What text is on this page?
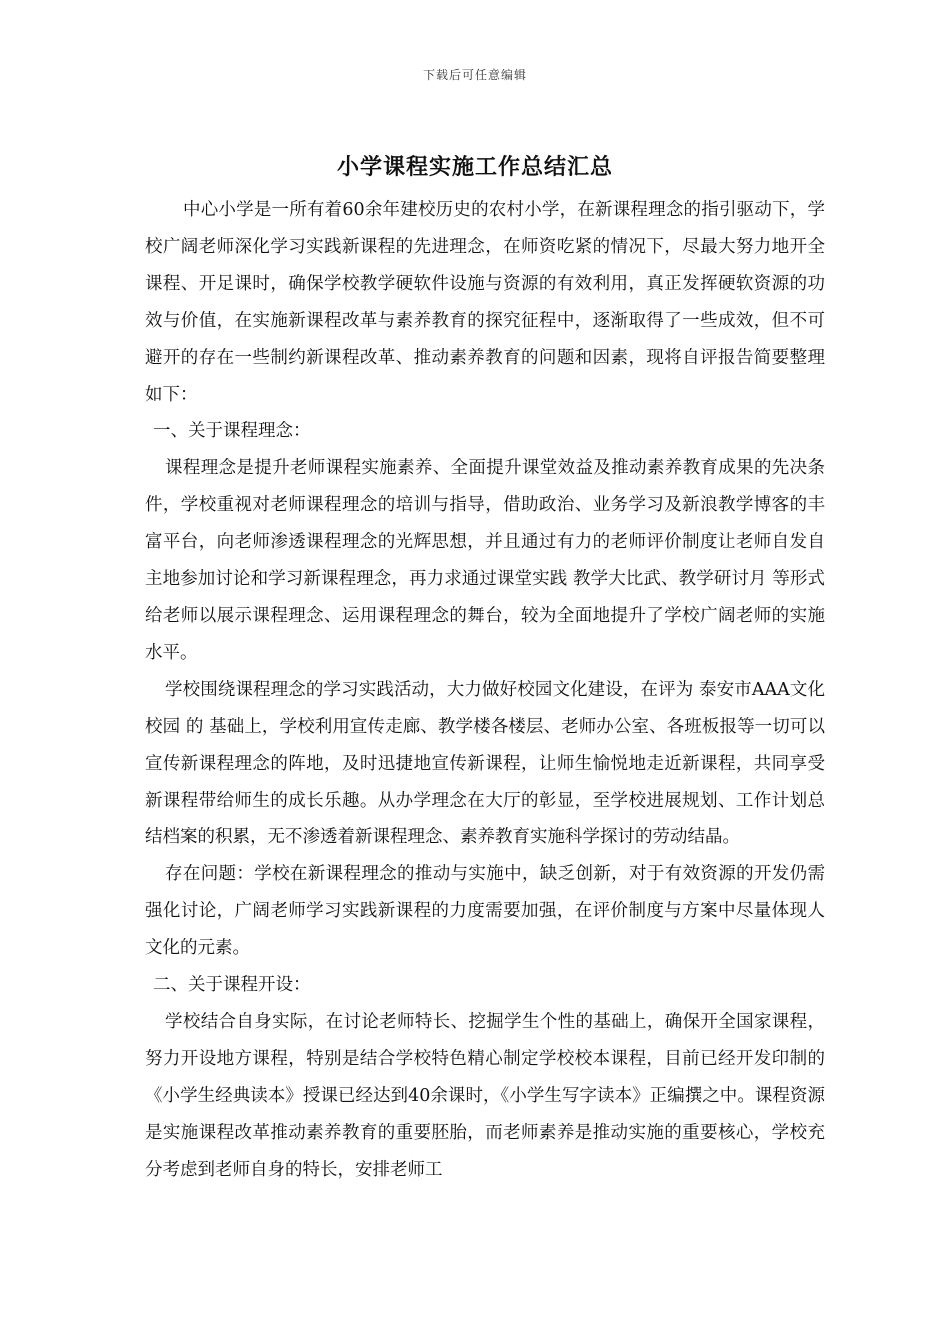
下载后可任意编辑
小学课程实施工作总结汇总

中心小学是一所有着60余年建校历史的农村小学，在新课程理念的指引驱动下，学校广阔老师深化学习实践新课程的先进理念，在师资吃紧的情况下，尽最大努力地开全课程、开足课时，确保学校教学硬软件设施与资源的有效利用，真正发挥硬软资源的功效与价值，在实施新课程改革与素养教育的探究征程中，逐渐取得了一些成效，但不可避开的存在一些制约新课程改革、推动素养教育的问题和因素，现将自评报告简要整理如下：

一、关于课程理念：

课程理念是提升老师课程实施素养、全面提升课堂效益及推动素养教育成果的先决条件，学校重视对老师课程理念的培训与指导，借助政治、业务学习及新浪教学博客的丰富平台，向老师渗透课程理念的光辉思想，并且通过有力的老师评价制度让老师自发自主地参加讨论和学习新课程理念，再力求通过课堂实践 教学大比武、教学研讨月 等形式给老师以展示课程理念、运用课程理念的舞台，较为全面地提升了学校广阔老师的实施水平。

学校围绕课程理念的学习实践活动，大力做好校园文化建设，在评为 泰安市AAA文化校园 的 基础上，学校利用宣传走廊、教学楼各楼层、老师办公室、各班板报等一切可以宣传新课程理念的阵地，及时迅捷地宣传新课程，让师生愉悦地走近新课程，共同享受新课程带给师生的成长乐趣。从办学理念在大厅的彰显，至学校进展规划、工作计划总结档案的积累，无不渗透着新课程理念、素养教育实施科学探讨的劳动结晶。

存在问题：学校在新课程理念的推动与实施中，缺乏创新，对于有效资源的开发仍需强化讨论，广阔老师学习实践新课程的力度需要加强，在评价制度与方案中尽量体现人文化的元素。

二、关于课程开设：

学校结合自身实际，在讨论老师特长、挖掘学生个性的基础上，确保开全国家课程，努力开设地方课程，特别是结合学校特色精心制定学校校本课程，目前已经开发印制的《小学生经典读本》授课已经达到40余课时，《小学生写字读本》正编撰之中。课程资源是实施课程改革推动素养教育的重要胚胎，而老师素养是推动实施的重要核心，学校充分考虑到老师自身的特长，安排老师工
